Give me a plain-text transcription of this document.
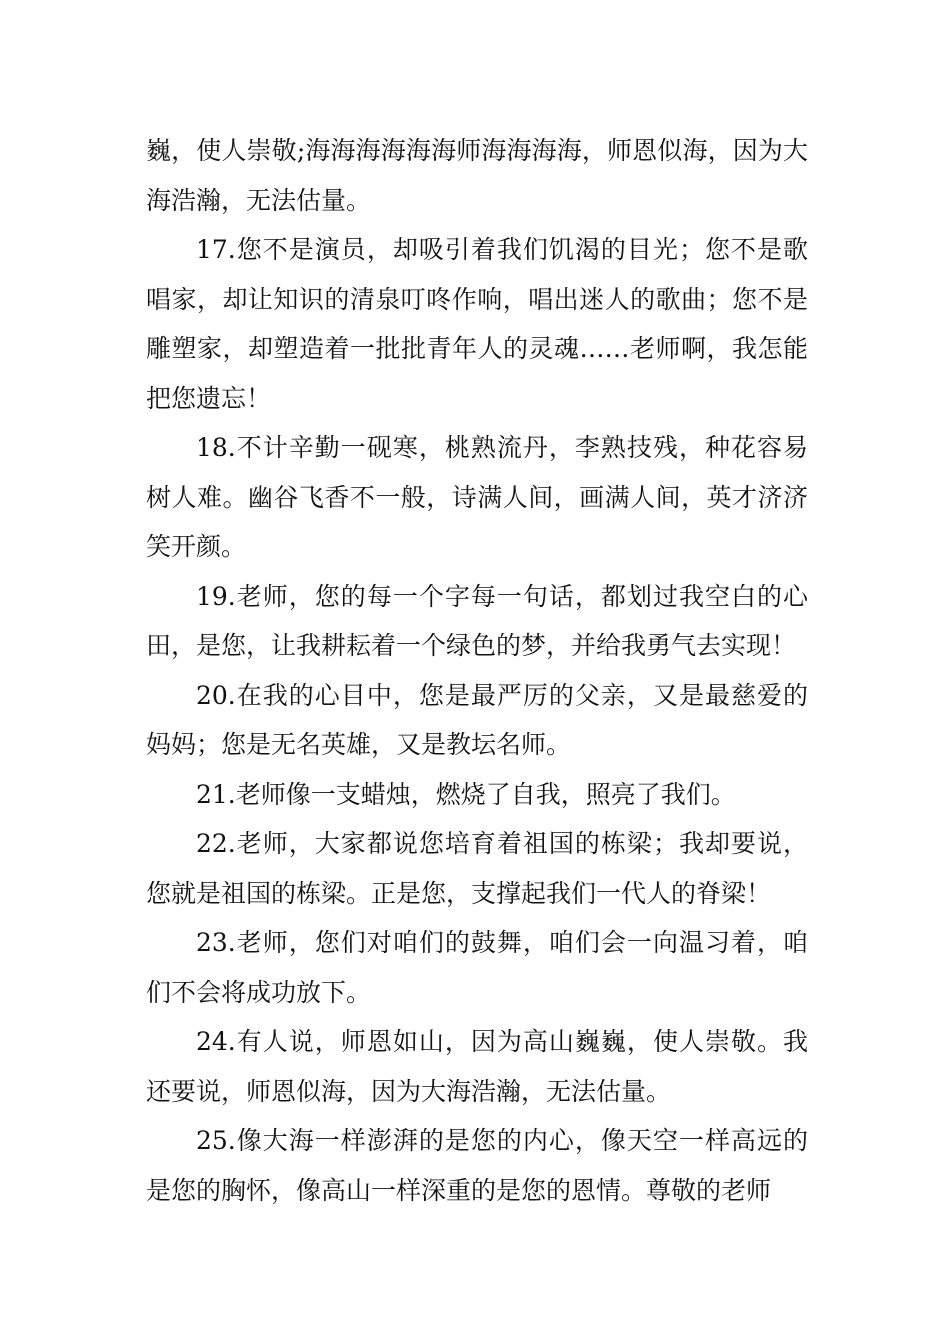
巍，使人崇敬;海海海海海海师海海海海，师恩似海，因为大海浩瀚，无法估量。

17.您不是演员，却吸引着我们饥渴的目光；您不是歌唱家，却让知识的清泉叮咚作响，唱出迷人的歌曲；您不是雕塑家，却塑造着一批批青年人的灵魂……老师啊，我怎能把您遗忘！

18.不计辛勤一砚寒，桃熟流丹，李熟技残，种花容易树人难。幽谷飞香不一般，诗满人间，画满人间，英才济济笑开颜。

19.老师，您的每一个字每一句话，都划过我空白的心田，是您，让我耕耘着一个绿色的梦，并给我勇气去实现！

20.在我的心目中，您是最严厉的父亲，又是最慈爱的妈妈；您是无名英雄，又是教坛名师。

21.老师像一支蜡烛，燃烧了自我，照亮了我们。

22.老师，大家都说您培育着祖国的栋梁；我却要说，您就是祖国的栋梁。正是您，支撑起我们一代人的脊梁！

23.老师，您们对咱们的鼓舞，咱们会一向温习着，咱们不会将成功放下。

24.有人说，师恩如山，因为高山巍巍，使人崇敬。我还要说，师恩似海，因为大海浩瀚，无法估量。

25.像大海一样澎湃的是您的内心，像天空一样高远的是您的胸怀，像高山一样深重的是您的恩情。尊敬的老师
